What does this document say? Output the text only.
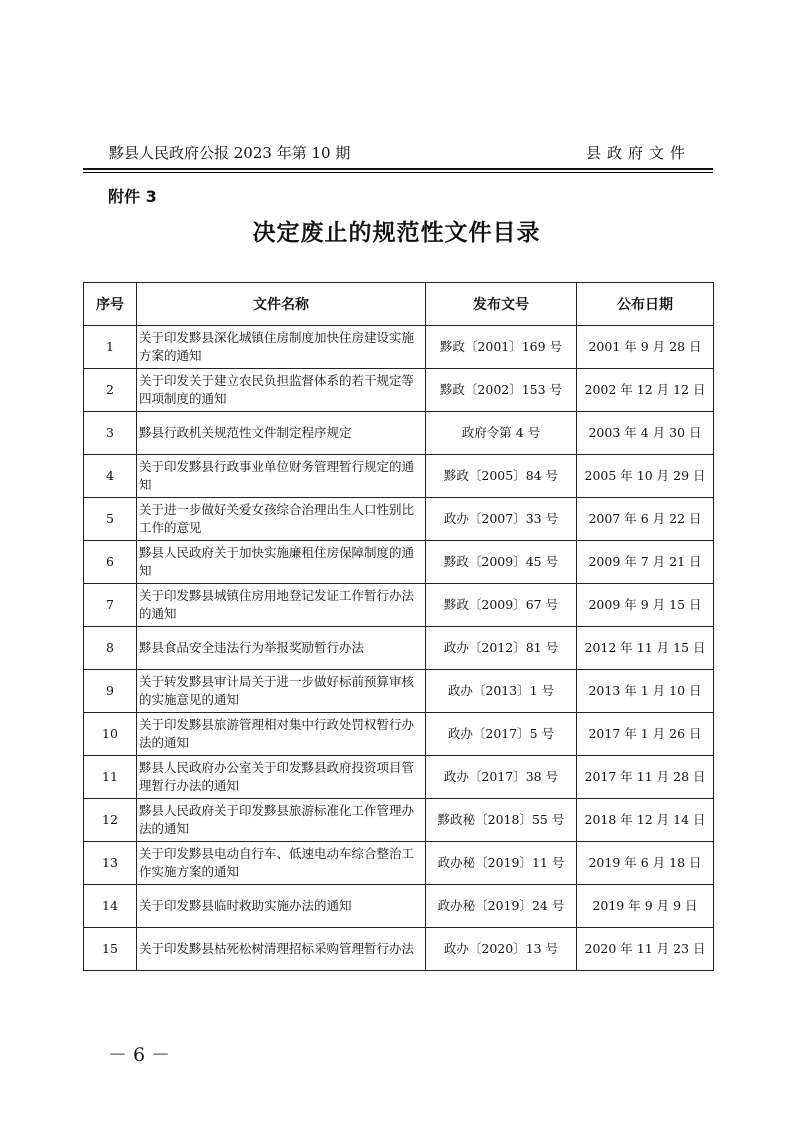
黟县人民政府公报 2023 年第 10 期	县政府文件
附件 3
决定废止的规范性文件目录
序号	文件名称	发布文号	公布日期
1	关于印发黟县深化城镇住房制度加快住房建设实施方案的通知	黟政〔2001〕169 号	2001 年 9 月 28 日
2	关于印发关于建立农民负担监督体系的若干规定等四项制度的通知	黟政〔2002〕153 号	2002 年 12 月 12 日
3	黟县行政机关规范性文件制定程序规定	政府令第 4 号	2003 年 4 月 30 日
4	关于印发黟县行政事业单位财务管理暂行规定的通知	黟政〔2005〕84 号	2005 年 10 月 29 日
5	关于进一步做好关爱女孩综合治理出生人口性别比工作的意见	政办〔2007〕33 号	2007 年 6 月 22 日
6	黟县人民政府关于加快实施廉租住房保障制度的通知	黟政〔2009〕45 号	2009 年 7 月 21 日
7	关于印发黟县城镇住房用地登记发证工作暂行办法的通知	黟政〔2009〕67 号	2009 年 9 月 15 日
8	黟县食品安全违法行为举报奖励暂行办法	政办〔2012〕81 号	2012 年 11 月 15 日
9	关于转发黟县审计局关于进一步做好标前预算审核的实施意见的通知	政办〔2013〕1 号	2013 年 1 月 10 日
10	关于印发黟县旅游管理相对集中行政处罚权暂行办法的通知	政办〔2017〕5 号	2017 年 1 月 26 日
11	黟县人民政府办公室关于印发黟县政府投资项目管理暂行办法的通知	政办〔2017〕38 号	2017 年 11 月 28 日
12	黟县人民政府关于印发黟县旅游标准化工作管理办法的通知	黟政秘〔2018〕55 号	2018 年 12 月 14 日
13	关于印发黟县电动自行车、低速电动车综合整治工作实施方案的通知	政办秘〔2019〕11 号	2019 年 6 月 18 日
14	关于印发黟县临时救助实施办法的通知	政办秘〔2019〕24 号	2019 年 9 月 9 日
15	关于印发黟县枯死松树清理招标采购管理暂行办法	政办〔2020〕13 号	2020 年 11 月 23 日
－ 6 －
